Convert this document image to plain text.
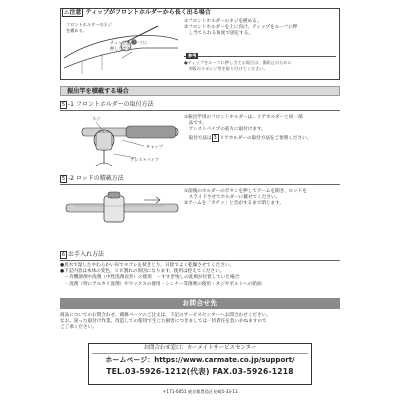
⚠注意 ティップがフロントホルダーから長く出る場合
フロントホルダーのネジ
を緩める。
ティップをルーフに
押し当てる
①フロントホルダーのネジを緩める。
②フロントホルダーを上に向け、ティップをルーフに押
　し当てられる角度で固定する。
参考
●ティップをルーフに押し当てる場合は、傷防止のために
　市販のスポンジ等を取り付けてください。
振出竿を積載する場合
5 -1 フロントホルダーの取付方法
ネジ
キャップ
アシストパイプ
①振出竿用のフロントホルダーは、リアホルダーと同一部
　品です。
　アシストパイプの前方に取付けます。
　取付方法は 3 リアホルダーの取付方法をご参照ください。
5 -2 ロッドの積載方法
①前後のホルダーのボタンを押してアームを開き、ロッドを
　スライドさせてホルダーに載せてください。
②アームを「カチッ」と音がするまで閉じます。
6 お手入れ方法
●真水で湿したやわらかい布でヨゴレを拭きとり、日陰でよく乾燥させてください。
●下記内容は本体の変色、ヒビ割れの原因になります。使用は控えてください。
　・有機溶剤や洗剤（中性洗剤以外）の使用　・すすぎ残しの洗剤が付着していた場合
　・洗剤（特にアルカリ洗剤）やワックスの使用・シンナー等溶剤の使用・ネジやボルトへの給油
お問合せ先
商品についてのお問合わせ、補修パーツのご注文は、下記のサービスセンターへお問合わせください。
なお、誤った取付け作業、改造しての使用で生じた損害につきましては一切責任を負いかねますので
ご了承ください。
お問合わせ窓口：カーメイトサービスセンター
ホームページ：https://www.carmate.co.jp/support/
TEL.03-5926-1212(代表) FAX.03-5926-1218
〒171-0051 東京都豊島区長崎5-33-11
